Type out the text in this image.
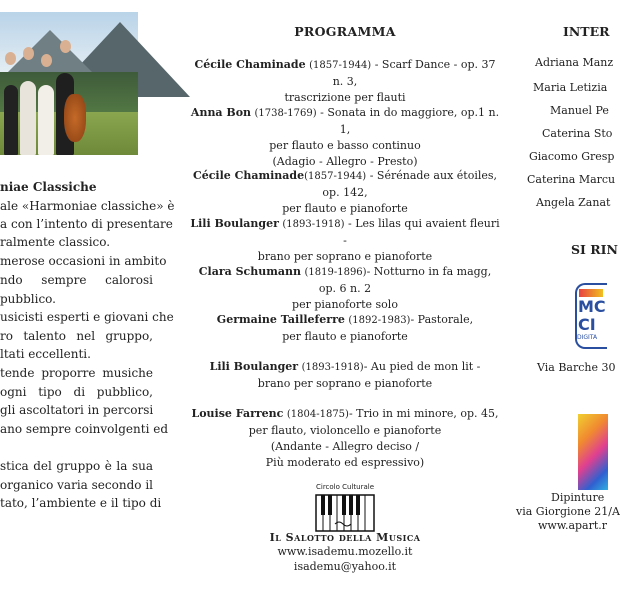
niae Classiche
ale «Harmoniae classiche» è
a con l’intento di presentare
ralmente classico.
merose occasioni in ambito
ndo sempre calorosi
pubblico.
usicisti esperti e giovani che
ro talento nel gruppo,
ltati eccellenti.
tende proporre musiche
ogni tipo di pubblico,
gli ascoltatori in percorsi
ano sempre coinvolgenti ed
stica del gruppo è la sua
organico varia secondo il
tato, l’ambiente e il tipo di
PROGRAMMA
Cécile Chaminade (1857-1944) - Scarf Dance - op. 37 n. 3,
trascrizione per flauti
Anna Bon (1738-1769) - Sonata in do maggiore, op.1 n. 1,
per flauto e basso continuo
(Adagio - Allegro - Presto)
Cécile Chaminade(1857-1944) - Sérénade aux étoiles, op. 142,
per flauto e pianoforte
Lili Boulanger (1893-1918) - Les lilas qui avaient fleuri -
brano per soprano e pianoforte
Clara Schumann (1819-1896)- Notturno in fa magg, op. 6 n. 2
per pianoforte solo
Germaine Tailleferre (1892-1983)- Pastorale,
per flauto e pianoforte
Lili Boulanger (1893-1918)- Au pied de mon lit -
brano per soprano e pianoforte
Louise Farrenc (1804-1875)- Trio in mi minore, op. 45,
per flauto, violoncello e pianoforte
(Andante - Allegro deciso /
Più moderato ed espressivo)
Circolo Culturale
Il Salotto della Musica
www.isademu.mozello.it
isademu@yahoo.it
INTER
Adriana Manz
Maria Letizia
Manuel Pe
Caterina Sto
Giacomo Gresp
Caterina Marcu
Angela Zanat
SI RIN
MC
CI
DIGITA
Via Barche 30
Dipinture
via Giorgione 21/A
www.apart.r
